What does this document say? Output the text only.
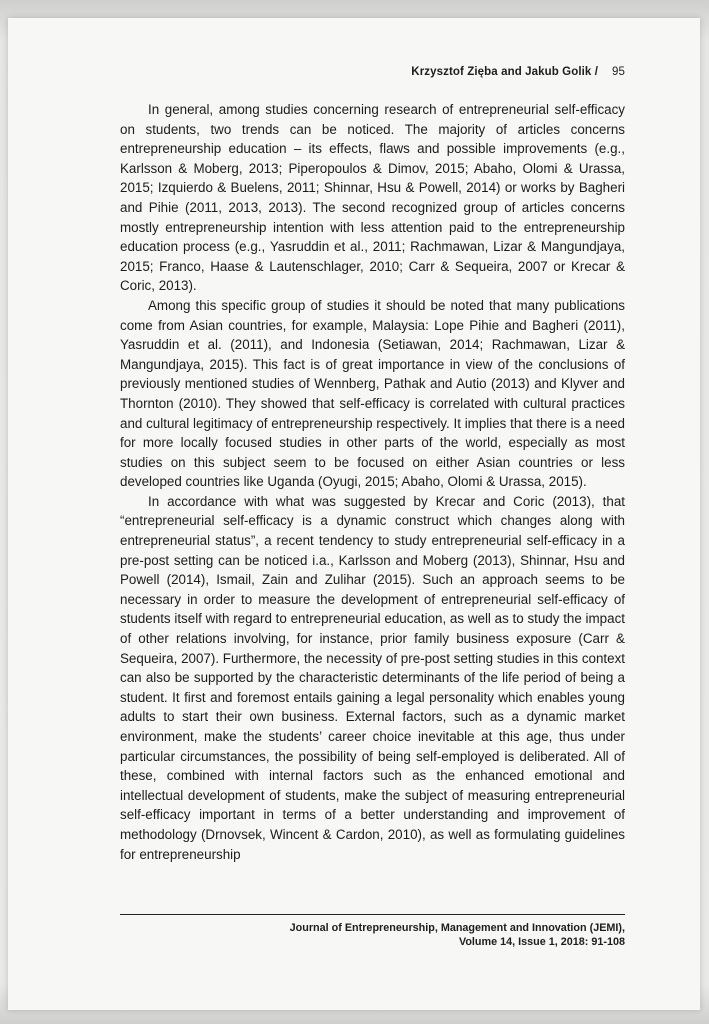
Krzysztof Zięba and Jakub Golik / 95

In general, among studies concerning research of entrepreneurial self-efficacy on students, two trends can be noticed. The majority of articles concerns entrepreneurship education – its effects, flaws and possible improvements (e.g., Karlsson & Moberg, 2013; Piperopoulos & Dimov, 2015; Abaho, Olomi & Urassa, 2015; Izquierdo & Buelens, 2011; Shinnar, Hsu & Powell, 2014) or works by Bagheri and Pihie (2011, 2013, 2013). The second recognized group of articles concerns mostly entrepreneurship intention with less attention paid to the entrepreneurship education process (e.g., Yasruddin et al., 2011; Rachmawan, Lizar & Mangundjaya, 2015; Franco, Haase & Lautenschlager, 2010; Carr & Sequeira, 2007 or Krecar & Coric, 2013).

Among this specific group of studies it should be noted that many publications come from Asian countries, for example, Malaysia: Lope Pihie and Bagheri (2011), Yasruddin et al. (2011), and Indonesia (Setiawan, 2014; Rachmawan, Lizar & Mangundjaya, 2015). This fact is of great importance in view of the conclusions of previously mentioned studies of Wennberg, Pathak and Autio (2013) and Klyver and Thornton (2010). They showed that self-efficacy is correlated with cultural practices and cultural legitimacy of entrepreneurship respectively. It implies that there is a need for more locally focused studies in other parts of the world, especially as most studies on this subject seem to be focused on either Asian countries or less developed countries like Uganda (Oyugi, 2015; Abaho, Olomi & Urassa, 2015).

In accordance with what was suggested by Krecar and Coric (2013), that “entrepreneurial self-efficacy is a dynamic construct which changes along with entrepreneurial status”, a recent tendency to study entrepreneurial self-efficacy in a pre-post setting can be noticed i.a., Karlsson and Moberg (2013), Shinnar, Hsu and Powell (2014), Ismail, Zain and Zulihar (2015). Such an approach seems to be necessary in order to measure the development of entrepreneurial self-efficacy of students itself with regard to entrepreneurial education, as well as to study the impact of other relations involving, for instance, prior family business exposure (Carr & Sequeira, 2007). Furthermore, the necessity of pre-post setting studies in this context can also be supported by the characteristic determinants of the life period of being a student. It first and foremost entails gaining a legal personality which enables young adults to start their own business. External factors, such as a dynamic market environment, make the students’ career choice inevitable at this age, thus under particular circumstances, the possibility of being self-employed is deliberated. All of these, combined with internal factors such as the enhanced emotional and intellectual development of students, make the subject of measuring entrepreneurial self-efficacy important in terms of a better understanding and improvement of methodology (Drnovsek, Wincent & Cardon, 2010), as well as formulating guidelines for entrepreneurship

Journal of Entrepreneurship, Management and Innovation (JEMI),
Volume 14, Issue 1, 2018: 91-108
